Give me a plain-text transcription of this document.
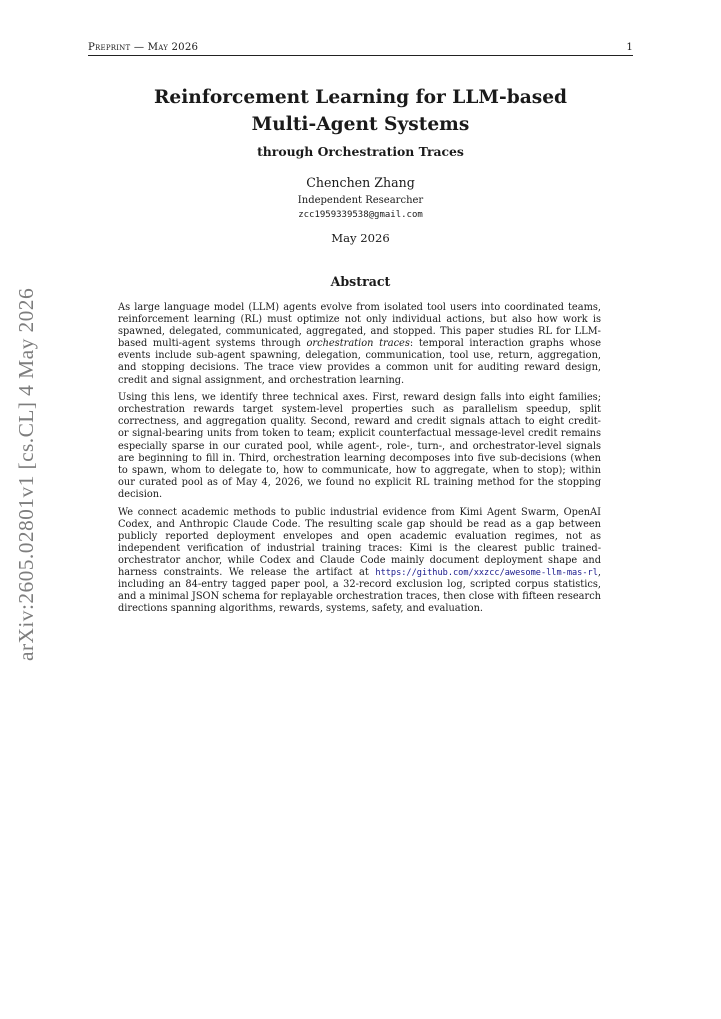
Preprint — May 2026	1
arXiv:2605.02801v1 [cs.CL] 4 May 2026
Reinforcement Learning for LLM-based
Multi-Agent Systems
through Orchestration Traces
Chenchen Zhang
Independent Researcher
zcc1959339538@gmail.com
May 2026
Abstract

As large language model (LLM) agents evolve from isolated tool users into coordinated teams, reinforcement learning (RL) must optimize not only individual actions, but also how work is spawned, delegated, communicated, aggregated, and stopped. This paper studies RL for LLM-based multi-agent systems through orchestration traces: temporal interaction graphs whose events include sub-agent spawning, delegation, communication, tool use, return, aggregation, and stopping decisions. The trace view provides a common unit for auditing reward design, credit and signal assignment, and orchestration learning.

Using this lens, we identify three technical axes. First, reward design falls into eight families; orchestration rewards target system-level properties such as parallelism speedup, split correctness, and aggregation quality. Second, reward and credit signals attach to eight credit- or signal-bearing units from token to team; explicit counterfactual message-level credit remains especially sparse in our curated pool, while agent-, role-, turn-, and orchestrator-level signals are beginning to fill in. Third, orchestration learning decomposes into five sub-decisions (when to spawn, whom to delegate to, how to communicate, how to aggregate, when to stop); within our curated pool as of May 4, 2026, we found no explicit RL training method for the stopping decision.

We connect academic methods to public industrial evidence from Kimi Agent Swarm, OpenAI Codex, and Anthropic Claude Code. The resulting scale gap should be read as a gap between publicly reported deployment envelopes and open academic evaluation regimes, not as independent verification of industrial training traces: Kimi is the clearest public trained-orchestrator anchor, while Codex and Claude Code mainly document deployment shape and harness constraints. We release the artifact at https://github.com/xxzcc/awesome-llm-mas-rl, including an 84-entry tagged paper pool, a 32-record exclusion log, scripted corpus statistics, and a minimal JSON schema for replayable orchestration traces, then close with fifteen research directions spanning algorithms, rewards, systems, safety, and evaluation.
